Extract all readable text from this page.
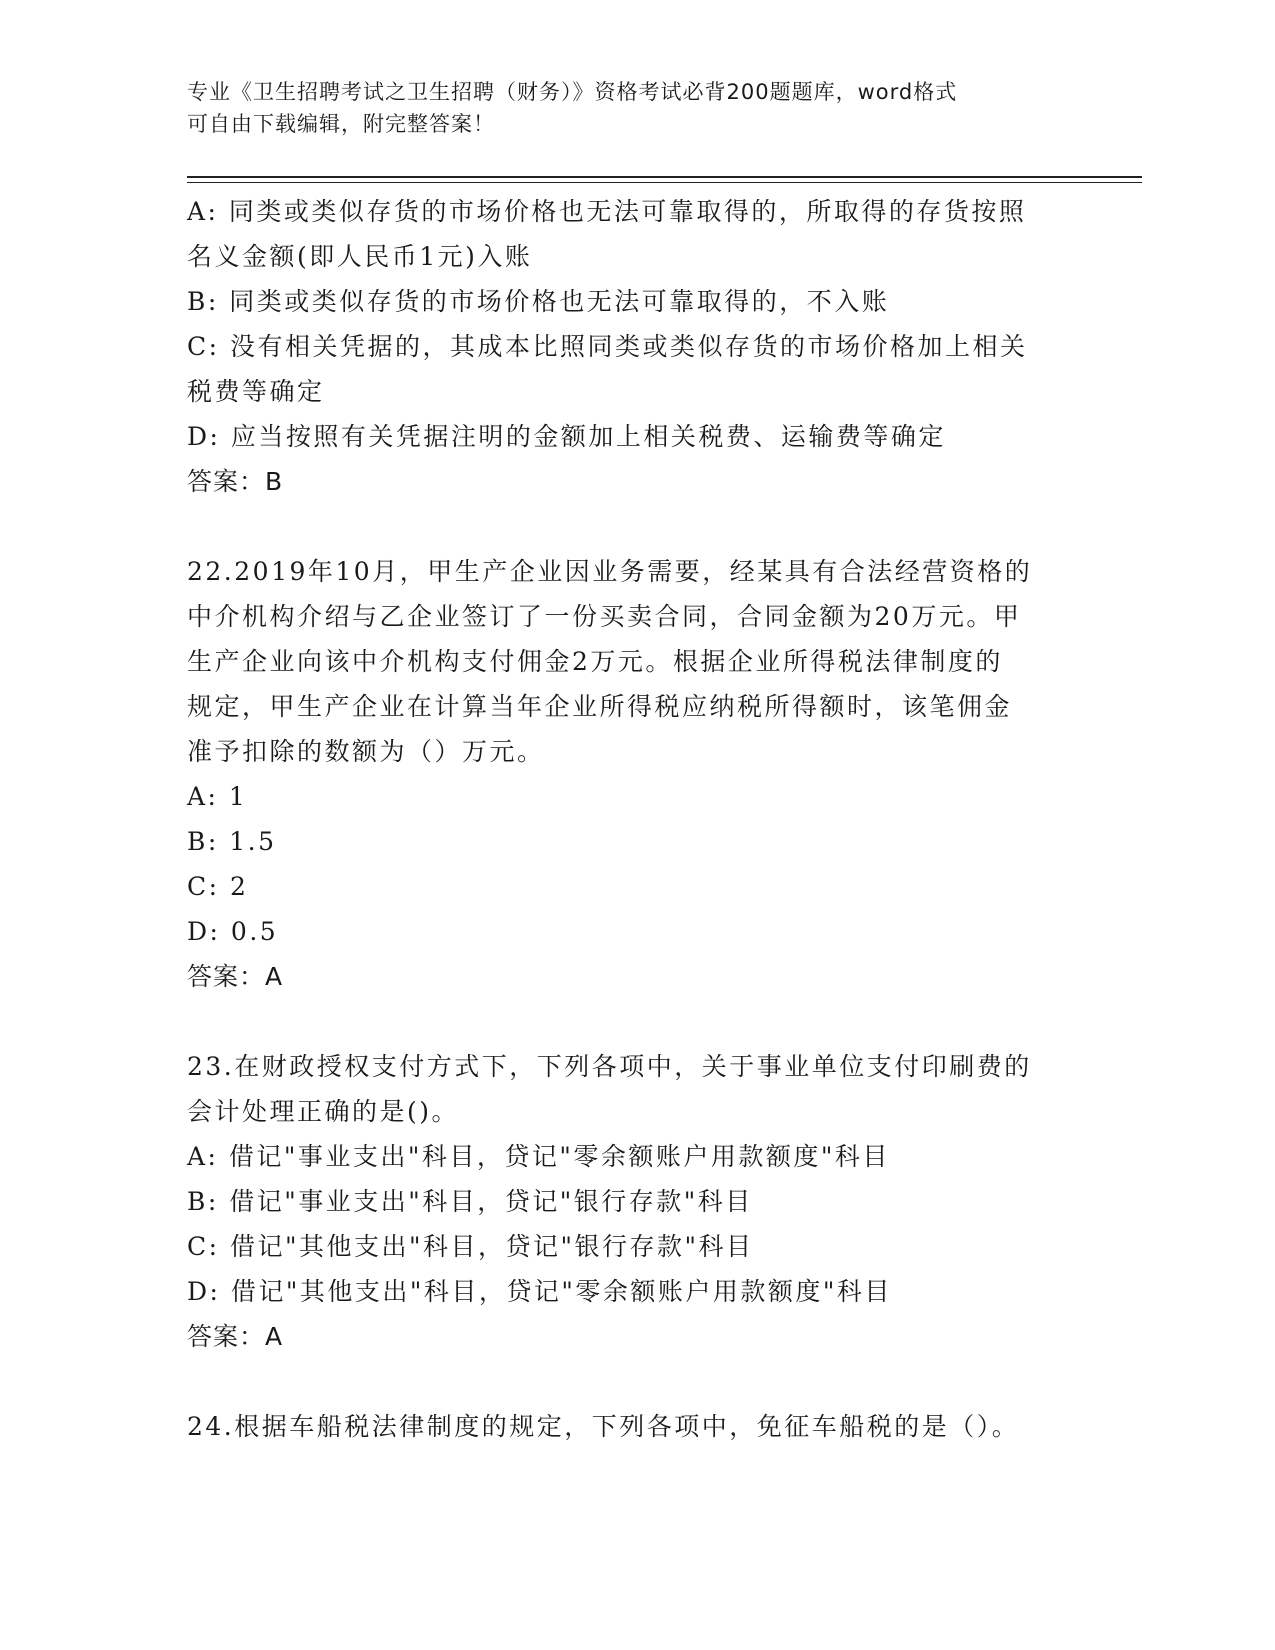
专业《卫生招聘考试之卫生招聘（财务）》资格考试必背200题题库，word格式
可自由下载编辑，附完整答案！

A: 同类或类似存货的市场价格也无法可靠取得的，所取得的存货按照

名义金额(即人民币1元)入账

B: 同类或类似存货的市场价格也无法可靠取得的，不入账

C: 没有相关凭据的，其成本比照同类或类似存货的市场价格加上相关

税费等确定

D: 应当按照有关凭据注明的金额加上相关税费、运输费等确定

答案：B

22.2019年10月，甲生产企业因业务需要，经某具有合法经营资格的

中介机构介绍与乙企业签订了一份买卖合同，合同金额为20万元。甲

生产企业向该中介机构支付佣金2万元。根据企业所得税法律制度的

规定，甲生产企业在计算当年企业所得税应纳税所得额时，该笔佣金

准予扣除的数额为（）万元。

A: 1

B: 1.5

C: 2

D: 0.5

答案：A

23.在财政授权支付方式下，下列各项中，关于事业单位支付印刷费的

会计处理正确的是()。

A: 借记"事业支出"科目，贷记"零余额账户用款额度"科目

B: 借记"事业支出"科目，贷记"银行存款"科目

C: 借记"其他支出"科目，贷记"银行存款"科目

D: 借记"其他支出"科目，贷记"零余额账户用款额度"科目

答案：A

24.根据车船税法律制度的规定，下列各项中，免征车船税的是（）。
